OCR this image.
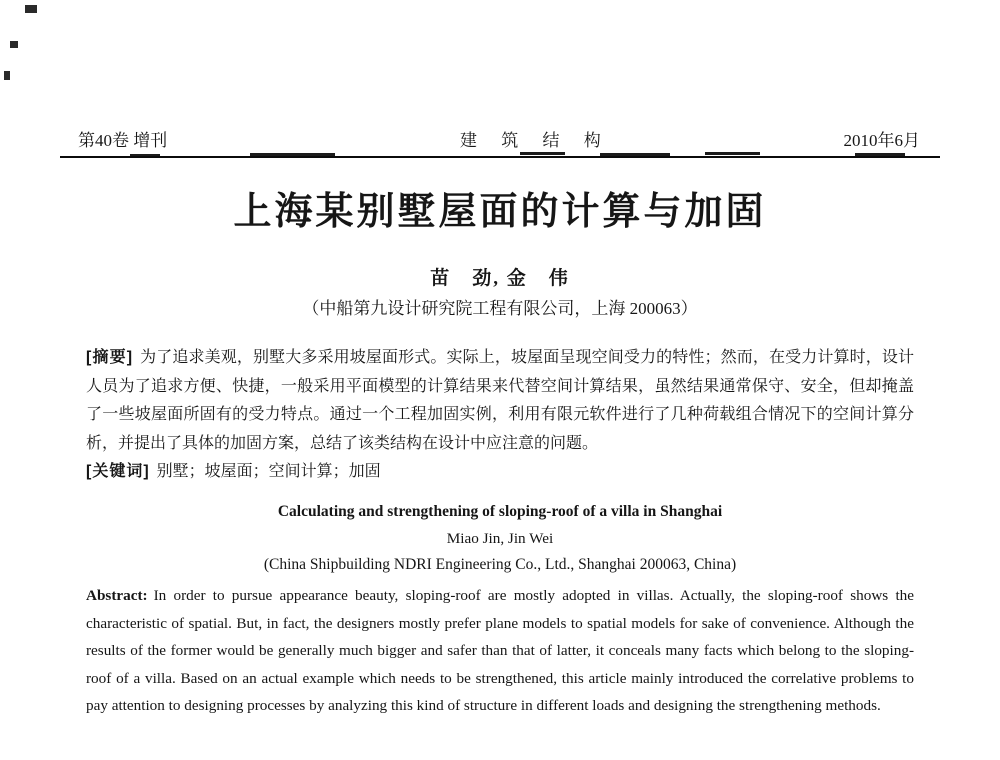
第40卷 增刊	建 筑 结 构	2010年6月
上海某别墅屋面的计算与加固
苗　劲, 金　伟
（中船第九设计研究院工程有限公司，上海 200063）

[摘要] 为了追求美观，别墅大多采用坡屋面形式。实际上，坡屋面呈现空间受力的特性；然而，在受力计算时，设计人员为了追求方便、快捷，一般采用平面模型的计算结果来代替空间计算结果，虽然结果通常保守、安全，但却掩盖了一些坡屋面所固有的受力特点。通过一个工程加固实例，利用有限元软件进行了几种荷载组合情况下的空间计算分析，并提出了具体的加固方案，总结了该类结构在设计中应注意的问题。

[关键词] 别墅；坡屋面；空间计算；加固

Calculating and strengthening of sloping-roof of a villa in Shanghai
Miao Jin, Jin Wei
(China Shipbuilding NDRI Engineering Co., Ltd., Shanghai 200063, China)

Abstract: In order to pursue appearance beauty, sloping-roof are mostly adopted in villas. Actually, the sloping-roof shows the characteristic of spatial. But, in fact, the designers mostly prefer plane models to spatial models for sake of convenience. Although the results of the former would be generally much bigger and safer than that of latter, it conceals many facts which belong to the sloping-roof of a villa. Based on an actual example which needs to be strengthened, this article mainly introduced the correlative problems to pay attention to designing processes by analyzing this kind of structure in different loads and designing the strengthening methods.
